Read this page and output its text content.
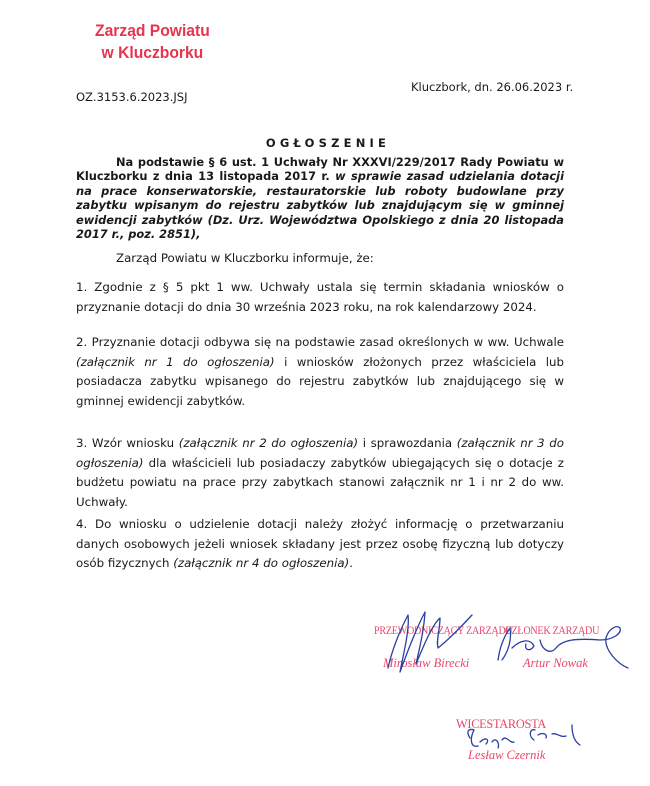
Zarząd Powiatu
w Kluczborku
Kluczbork, dn. 26.06.2023 r.
OZ.3153.6.2023.JSJ
OGŁOSZENIE
Na podstawie § 6 ust. 1 Uchwały Nr XXXVI/229/2017 Rady Powiatu w Kluczborku z dnia 13 listopada 2017 r. w sprawie zasad udzielania dotacji na prace konserwatorskie, restauratorskie lub roboty budowlane przy zabytku wpisanym do rejestru zabytków lub znajdującym się w gminnej ewidencji zabytków (Dz. Urz. Województwa Opolskiego z dnia 20 listopada 2017 r., poz. 2851),
Zarząd Powiatu w Kluczborku informuje, że:
1. Zgodnie z § 5 pkt 1 ww. Uchwały ustala się termin składania wniosków o przyznanie dotacji do dnia 30 września 2023 roku, na rok kalendarzowy 2024.
2. Przyznanie dotacji odbywa się na podstawie zasad określonych w ww. Uchwale (załącznik nr 1 do ogłoszenia) i wniosków złożonych przez właściciela lub posiadacza zabytku wpisanego do rejestru zabytków lub znajdującego się w gminnej ewidencji zabytków.
3. Wzór wniosku (załącznik nr 2 do ogłoszenia) i sprawozdania (załącznik nr 3 do ogłoszenia) dla właścicieli lub posiadaczy zabytków ubiegających się o dotacje z budżetu powiatu na prace przy zabytkach stanowi załącznik nr 1 i nr 2 do ww. Uchwały.
4. Do wniosku o udzielenie dotacji należy złożyć informację o przetwarzaniu danych osobowych jeżeli wniosek składany jest przez osobę fizyczną lub dotyczy osób fizycznych (załącznik nr 4 do ogłoszenia).
PRZEWODNICZĄCY ZARZĄDU
Mirosław Birecki
CZŁONEK ZARZĄDU
Artur Nowak
WICESTAROSTA
Lesław Czernik
